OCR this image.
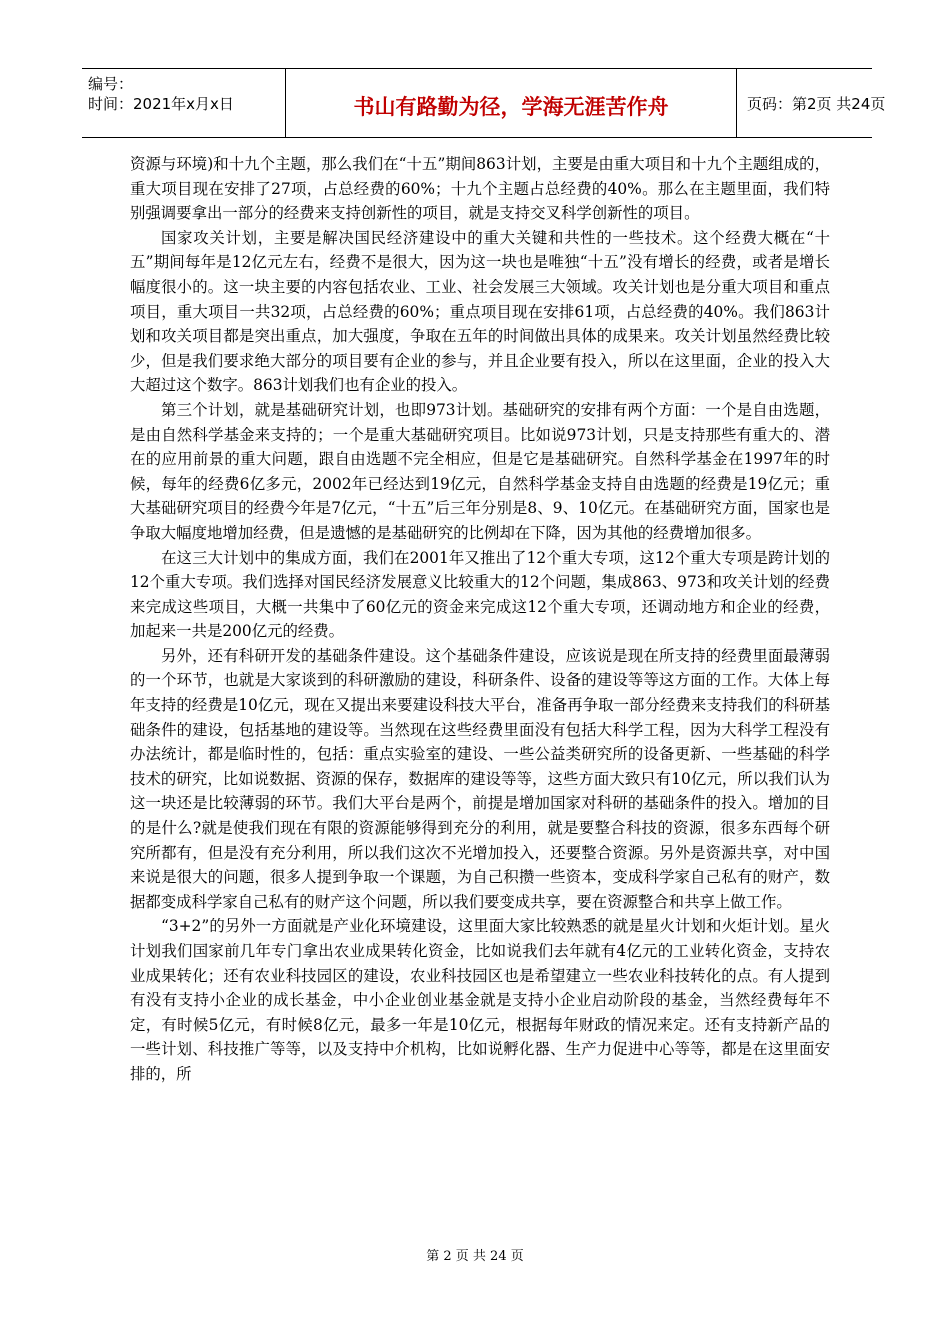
编号：
时间：2021年x月x日	书山有路勤为径，学海无涯苦作舟	页码：第2页 共24页

资源与环境)和十九个主题，那么我们在“十五”期间863计划，主要是由重大项目和十九个主题组成的，重大项目现在安排了27项，占总经费的60%；十九个主题占总经费的40%。那么在主题里面，我们特别强调要拿出一部分的经费来支持创新性的项目，就是支持交叉科学创新性的项目。

国家攻关计划，主要是解决国民经济建设中的重大关键和共性的一些技术。这个经费大概在“十五”期间每年是12亿元左右，经费不是很大，因为这一块也是唯独“十五”没有增长的经费，或者是增长幅度很小的。这一块主要的内容包括农业、工业、社会发展三大领域。攻关计划也是分重大项目和重点项目，重大项目一共32项，占总经费的60%；重点项目现在安排61项，占总经费的40%。我们863计划和攻关项目都是突出重点，加大强度，争取在五年的时间做出具体的成果来。攻关计划虽然经费比较少，但是我们要求绝大部分的项目要有企业的参与，并且企业要有投入，所以在这里面，企业的投入大大超过这个数字。863计划我们也有企业的投入。

第三个计划，就是基础研究计划，也即973计划。基础研究的安排有两个方面：一个是自由选题，是由自然科学基金来支持的；一个是重大基础研究项目。比如说973计划，只是支持那些有重大的、潜在的应用前景的重大问题，跟自由选题不完全相应，但是它是基础研究。自然科学基金在1997年的时候，每年的经费6亿多元，2002年已经达到19亿元，自然科学基金支持自由选题的经费是19亿元；重大基础研究项目的经费今年是7亿元，“十五”后三年分别是8、9、10亿元。在基础研究方面，国家也是争取大幅度地增加经费，但是遗憾的是基础研究的比例却在下降，因为其他的经费增加很多。

在这三大计划中的集成方面，我们在2001年又推出了12个重大专项，这12个重大专项是跨计划的12个重大专项。我们选择对国民经济发展意义比较重大的12个问题，集成863、973和攻关计划的经费来完成这些项目，大概一共集中了60亿元的资金来完成这12个重大专项，还调动地方和企业的经费，加起来一共是200亿元的经费。

另外，还有科研开发的基础条件建设。这个基础条件建设，应该说是现在所支持的经费里面最薄弱的一个环节，也就是大家谈到的科研激励的建设，科研条件、设备的建设等等这方面的工作。大体上每年支持的经费是10亿元，现在又提出来要建设科技大平台，准备再争取一部分经费来支持我们的科研基础条件的建设，包括基地的建设等。当然现在这些经费里面没有包括大科学工程，因为大科学工程没有办法统计，都是临时性的，包括：重点实验室的建设、一些公益类研究所的设备更新、一些基础的科学技术的研究，比如说数据、资源的保存，数据库的建设等等，这些方面大致只有10亿元，所以我们认为这一块还是比较薄弱的环节。我们大平台是两个，前提是增加国家对科研的基础条件的投入。增加的目的是什么?就是使我们现在有限的资源能够得到充分的利用，就是要整合科技的资源，很多东西每个研究所都有，但是没有充分利用，所以我们这次不光增加投入，还要整合资源。另外是资源共享，对中国来说是很大的问题，很多人提到争取一个课题，为自己积攒一些资本，变成科学家自己私有的财产，数据都变成科学家自己私有的财产这个问题，所以我们要变成共享，要在资源整合和共享上做工作。

“3+2”的另外一方面就是产业化环境建设，这里面大家比较熟悉的就是星火计划和火炬计划。星火计划我们国家前几年专门拿出农业成果转化资金，比如说我们去年就有4亿元的工业转化资金，支持农业成果转化；还有农业科技园区的建设，农业科技园区也是希望建立一些农业科技转化的点。有人提到有没有支持小企业的成长基金，中小企业创业基金就是支持小企业启动阶段的基金，当然经费每年不定，有时候5亿元，有时候8亿元，最多一年是10亿元，根据每年财政的情况来定。还有支持新产品的一些计划、科技推广等等，以及支持中介机构，比如说孵化器、生产力促进中心等等，都是在这里面安排的，所

第 2 页 共 24 页
